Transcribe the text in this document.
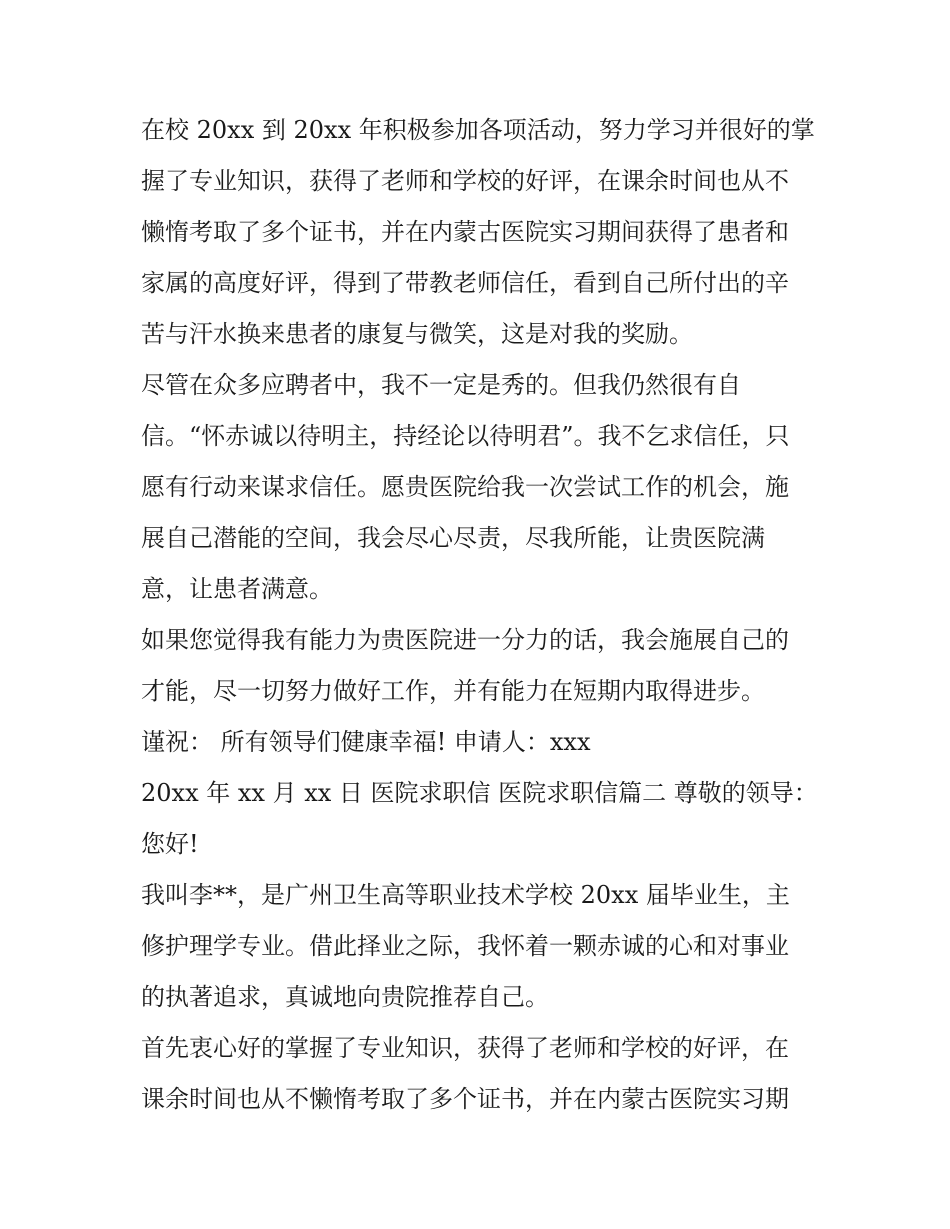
在校 20xx 到 20xx 年积极参加各项活动，努力学习并很好的掌
握了专业知识，获得了老师和学校的好评，在课余时间也从不
懒惰考取了多个证书，并在内蒙古医院实习期间获得了患者和
家属的高度好评，得到了带教老师信任，看到自己所付出的辛
苦与汗水换来患者的康复与微笑，这是对我的奖励。
尽管在众多应聘者中，我不一定是秀的。但我仍然很有自
信。“怀赤诚以待明主，持经论以待明君”。我不乞求信任，只
愿有行动来谋求信任。愿贵医院给我一次尝试工作的机会，施
展自己潜能的空间，我会尽心尽责，尽我所能，让贵医院满
意，让患者满意。
如果您觉得我有能力为贵医院进一分力的话，我会施展自己的
才能，尽一切努力做好工作，并有能力在短期内取得进步。
谨祝： 所有领导们健康幸福! 申请人：xxx
20xx 年 xx 月 xx 日 医院求职信 医院求职信篇二 尊敬的领导：
您好!
我叫李**，是广州卫生高等职业技术学校 20xx 届毕业生，主
修护理学专业。借此择业之际，我怀着一颗赤诚的心和对事业
的执著追求，真诚地向贵院推荐自己。
首先衷心好的掌握了专业知识，获得了老师和学校的好评，在
课余时间也从不懒惰考取了多个证书，并在内蒙古医院实习期
